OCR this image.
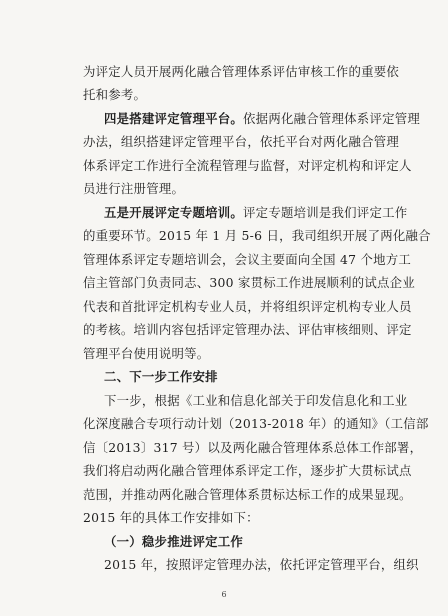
为评定人员开展两化融合管理体系评估审核工作的重要依
托和参考。
四是搭建评定管理平台。依据两化融合管理体系评定管理
办法，组织搭建评定管理平台，依托平台对两化融合管理
体系评定工作进行全流程管理与监督，对评定机构和评定人
员进行注册管理。
五是开展评定专题培训。评定专题培训是我们评定工作
的重要环节。2015 年 1 月 5-6 日，我司组织开展了两化融合
管理体系评定专题培训会，会议主要面向全国 47 个地方工
信主管部门负责同志、300 家贯标工作进展顺利的试点企业
代表和首批评定机构专业人员，并将组织评定机构专业人员
的考核。培训内容包括评定管理办法、评估审核细则、评定
管理平台使用说明等。
二、下一步工作安排
下一步，根据《工业和信息化部关于印发信息化和工业
化深度融合专项行动计划（2013-2018 年）的通知》（工信部
信〔2013〕317 号）以及两化融合管理体系总体工作部署，
我们将启动两化融合管理体系评定工作，逐步扩大贯标试点
范围，并推动两化融合管理体系贯标达标工作的成果显现。
2015 年的具体工作安排如下：
（一）稳步推进评定工作
2015 年，按照评定管理办法，依托评定管理平台，组织
6
